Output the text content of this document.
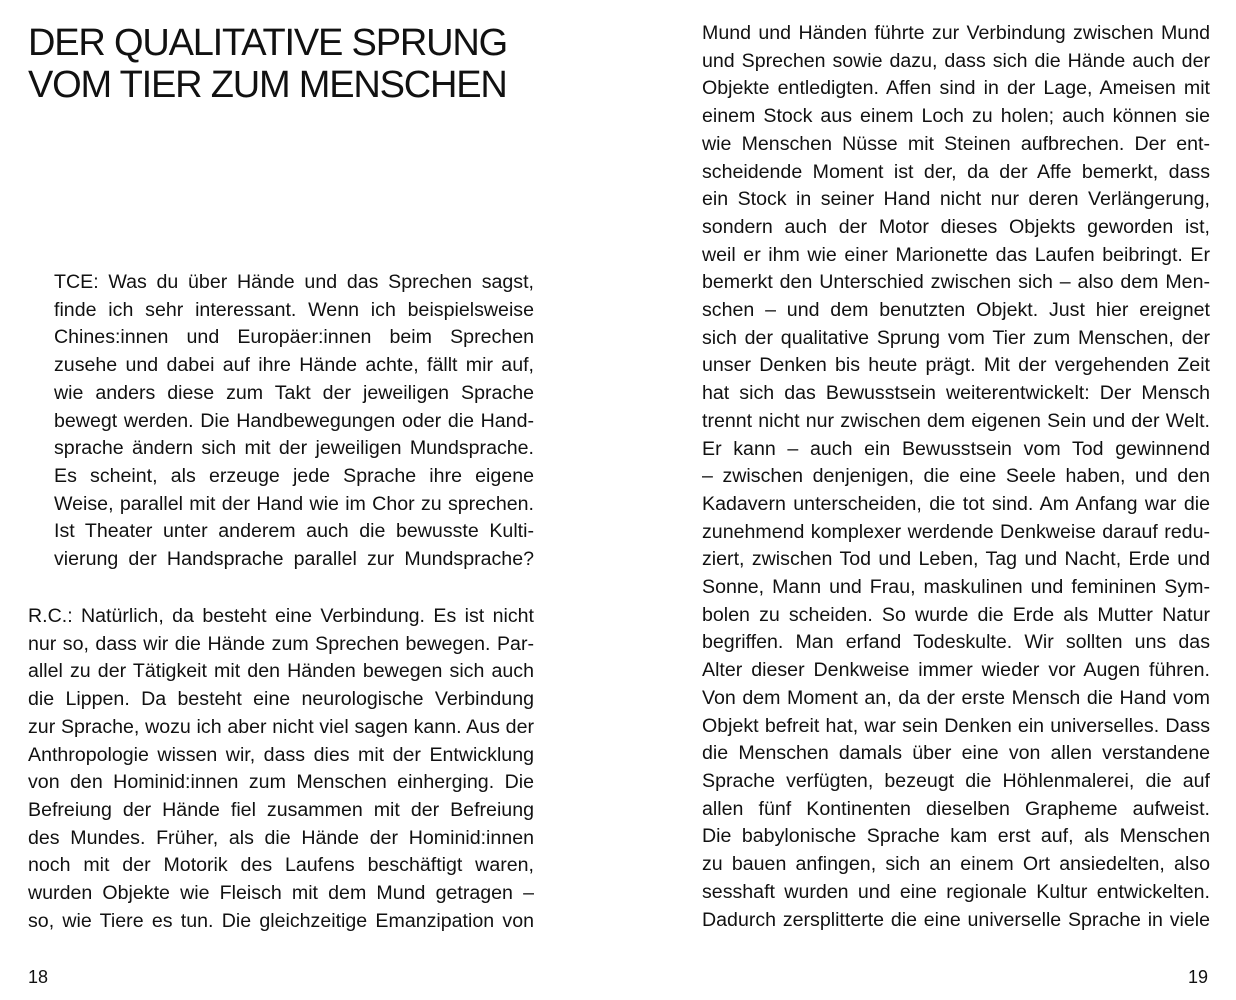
DER QUALITATIVE SPRUNG
VOM TIER ZUM MENSCHEN

TCE: Was du über Hände und das Sprechen sagst,
finde ich sehr interessant. Wenn ich beispielsweise
Chines:innen und Europäer:innen beim Sprechen
zusehe und dabei auf ihre Hände achte, fällt mir auf,
wie anders diese zum Takt der jeweiligen Sprache
bewegt werden. Die Handbewegungen oder die Hand-
sprache ändern sich mit der jeweiligen Mundsprache.
Es scheint, als erzeuge jede Sprache ihre eigene
Weise, parallel mit der Hand wie im Chor zu sprechen.
Ist Theater unter anderem auch die bewusste Kulti-
vierung der Handsprache parallel zur Mundsprache?

R.C.: Natürlich, da besteht eine Verbindung. Es ist nicht
nur so, dass wir die Hände zum Sprechen bewegen. Par-
allel zu der Tätigkeit mit den Händen bewegen sich auch
die Lippen. Da besteht eine neurologische Verbindung
zur Sprache, wozu ich aber nicht viel sagen kann. Aus der
Anthropologie wissen wir, dass dies mit der Entwicklung
von den Hominid:innen zum Menschen einherging. Die
Befreiung der Hände fiel zusammen mit der Befreiung
des Mundes. Früher, als die Hände der Hominid:innen
noch mit der Motorik des Laufens beschäftigt waren,
wurden Objekte wie Fleisch mit dem Mund getragen –
so, wie Tiere es tun. Die gleichzeitige Emanzipation von

18

Mund und Händen führte zur Verbindung zwischen Mund
und Sprechen sowie dazu, dass sich die Hände auch der
Objekte entledigten. Affen sind in der Lage, Ameisen mit
einem Stock aus einem Loch zu holen; auch können sie
wie Menschen Nüsse mit Steinen aufbrechen. Der ent-
scheidende Moment ist der, da der Affe bemerkt, dass
ein Stock in seiner Hand nicht nur deren Verlängerung,
sondern auch der Motor dieses Objekts geworden ist,
weil er ihm wie einer Marionette das Laufen beibringt. Er
bemerkt den Unterschied zwischen sich – also dem Men-
schen – und dem benutzten Objekt. Just hier ereignet
sich der qualitative Sprung vom Tier zum Menschen, der
unser Denken bis heute prägt. Mit der vergehenden Zeit
hat sich das Bewusstsein weiterentwickelt: Der Mensch
trennt nicht nur zwischen dem eigenen Sein und der Welt.
Er kann – auch ein Bewusstsein vom Tod gewinnend
– zwischen denjenigen, die eine Seele haben, und den
Kadavern unterscheiden, die tot sind. Am Anfang war die
zunehmend komplexer werdende Denkweise darauf redu-
ziert, zwischen Tod und Leben, Tag und Nacht, Erde und
Sonne, Mann und Frau, maskulinen und femininen Sym-
bolen zu scheiden. So wurde die Erde als Mutter Natur
begriffen. Man erfand Todeskulte. Wir sollten uns das
Alter dieser Denkweise immer wieder vor Augen führen.
Von dem Moment an, da der erste Mensch die Hand vom
Objekt befreit hat, war sein Denken ein universelles. Dass
die Menschen damals über eine von allen verstandene
Sprache verfügten, bezeugt die Höhlenmalerei, die auf
allen fünf Kontinenten dieselben Grapheme aufweist.
Die babylonische Sprache kam erst auf, als Menschen
zu bauen anfingen, sich an einem Ort ansiedelten, also
sesshaft wurden und eine regionale Kultur entwickelten.
Dadurch zersplitterte die eine universelle Sprache in viele

19
